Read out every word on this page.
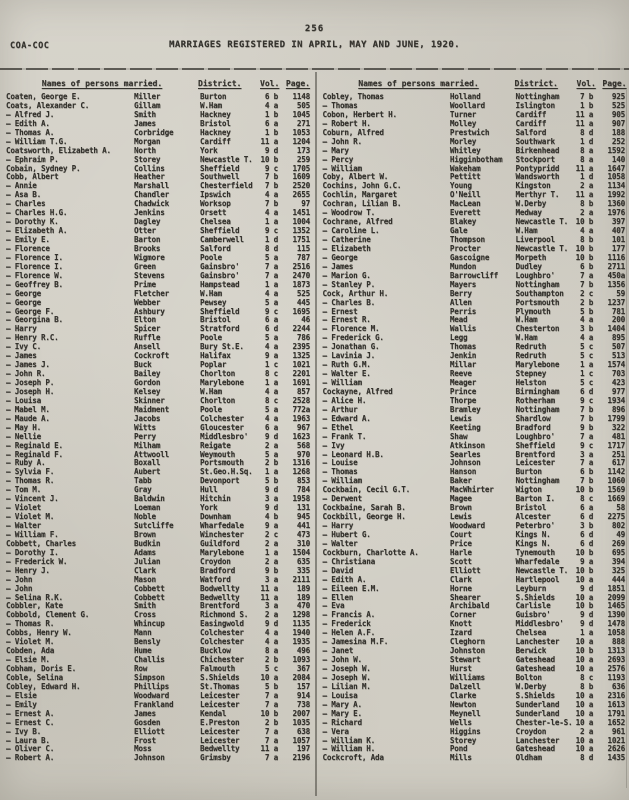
256
COA-COC	MARRIAGES REGISTERED IN APRIL, MAY AND JUNE, 1920.
Names of persons married.	District.	Vol. Page.
Coaten, George E.	Miller	Burton	6 b	1148
Coats, Alexander C.	Gillam	W.Ham	4 a	505
— Alfred J.	Smith	Hackney	1 b	1045
— Edith A.	James	Bristol	6 a	271
— Thomas A.	Corbridge	Hackney	1 b	1053
— William T.G.	Morgan	Cardiff	11 a	1204
Coatsworth, Elizabeth A.	North	York	9 d	173
— Ephraim P.	Storey	Newcastle T.	10 b	259
Cobain, Sydney P.	Collins	Sheffield	9 c	1705
Cobb, Albert	Heather	Southwell	7 b	1609
— Annie	Marshall	Chesterfield	7 b	2520
— Asa B.	Chandler	Ipswich	4 a	2655
— Charles	Chadwick	Worksop	7 b	97
— Charles H.G.	Jenkins	Orsett	4 a	1451
— Dorothy K.	Dagley	Chelsea	1 a	1004
— Elizabeth A.	Otter	Sheffield	9 c	1352
— Emily E.	Barton	Camberwell	1 d	1751
— Florence	Brooks	Salford	8 d	115
— Florence I.	Wigmore	Poole	5 a	787
— Florence I.	Green	Gainsbro'	7 a	2516
— Florence W.	Stevens	Gainsbro'	7 a	2470
— Geoffrey B.	Prime	Hampstead	1 a	1873
— George	Fletcher	W.Ham	4 a	525
— George	Webber	Pewsey	5 a	445
— George F.	Ashbury	Sheffield	9 c	1695
— Georgina B.	Elton	Bristol	6 a	46
— Harry	Spicer	Stratford	6 d	2244
— Henry R.C.	Ruffle	Poole	5 a	786
— Ivy C.	Ansell	Bury St.E.	4 a	2395
— James	Cockroft	Halifax	9 a	1325
— James J.	Buck	Poplar	1 c	1021
— John R.	Bailey	Chorlton	8 c	2201
— Joseph P.	Gordon	Marylebone	1 a	1691
— Joseph H.	Kelsey	W.Ham	4 a	857
— Louisa	Skinner	Chorlton	8 c	2528
— Mabel M.	Maidment	Poole	5 a	772a
— Maude A.	Jacobs	Colchester	4 a	1963
— May H.	Witts	Gloucester	6 a	967
— Nellie	Perry	Middlesbro'	9 d	1623
— Reginald E.	Milham	Reigate	2 a	568
— Reginald F.	Attwooll	Weymouth	5 a	970
— Ruby A.	Boxall	Portsmouth	2 b	1316
— Sylvia F.	Aubert	St.Geo.H.Sq.	1 a	1268
— Thomas R.	Tabb	Devonport	5 b	853
— Tom M.	Gray	Hull	9 d	784
— Vincent J.	Baldwin	Hitchin	3 a	1958
— Violet	Loeman	York	9 d	131
— Violet M.	Noble	Downham	4 b	945
— Walter	Sutcliffe	Wharfedale	9 a	441
— William F.	Brown	Winchester	2 c	473
Cobbett, Charles	Budkin	Guildford	2 a	310
— Dorothy I.	Adams	Marylebone	1 a	1504
— Frederick W.	Julian	Croydon	2 a	635
— Henry J.	Clark	Bradford	9 b	335
— John	Mason	Watford	3 a	2111
— John	Cobbett	Bodwellty	11 a	189
— Selina R.K.	Cobbett	Bedwellty	11 a	189
Cobbler, Kate	Smith	Brentford	3 a	470
Cobbold, Clement G.	Cross	Richmond S.	2 a	1298
— Thomas R.	Whincup	Easingwold	9 d	1135
Cobbs, Henry W.	Mann	Colchester	4 a	1940
— Violet M.	Bensly	Colchester	4 a	1935
Cobden, Ada	Hume	Bucklow	8 a	496
— Elsie M.	Challis	Chichester	2 b	1093
Cobham, Doris E.	Row	Falmouth	5 c	367
Coble, Selina	Simpson	S.Shields	10 a	2084
Cobley, Edward H.	Phillips	St.Thomas	5 b	157
— Elsie	Woodward	Leicester	7 a	914
— Emily	Frankland	Leicester	7 a	738
— Ernest A.	James	Kendal	10 b	2007
— Ernest C.	Gosden	E.Preston	2 b	1035
— Ivy B.	Elliott	Leicester	7 a	638
— Laura B.	Frost	Leicester	7 a	1057
— Oliver C.	Moss	Bedwellty	11 a	197
— Robert A.	Johnson	Grimsby	7 a	2196
Names of persons married.	District.	Vol. Page.
Cobley, Thomas	Holland	Nottingham	7 b	925
— Thomas	Woollard	Islington	1 b	525
Cobon, Herbert H.	Turner	Cardiff	11 a	905
— Robert H.	Molley	Cardiff	11 a	907
Coburn, Alfred	Prestwich	Salford	8 d	188
— John R.	Morley	Southwark	1 d	252
— Mary	Whitley	Birkenhead	8 a	1592
— Percy	Higginbotham	Stockport	8 a	140
— William	Wakeham	Pontypridd	11 a	1647
Coby, Albert W.	Pettitt	Wandsworth	1 d	1058
Cochins, John G.C.	Young	Kingston	2 a	1134
Cochlin, Margaret	O'Neill	Merthyr T.	11 a	1992
Cochran, Lilian B.	MacLean	W.Derby	8 b	1360
— Woodrow T.	Everett	Medway	2 a	1976
Cochrane, Alfred	Blakey	Newcastle T.	10 b	397
— Caroline L.	Gale	W.Ham	4 a	407
— Catherine	Thompson	Liverpool	8 b	101
— Elizabeth	Procter	Newcastle T.	10 b	177
— George	Gascoigne	Morpeth	10 b	1116
— James	Mundon	Dudley	6 b	2711
— Marion G.	Barrowcliff	Loughbro'	7 a	450a
— Stanley P.	Mayers	Nottingham	7 b	1356
Cock, Arthur H.	Berry	Southampton	2 c	59
— Charles B.	Allen	Portsmouth	2 b	1237
— Ernest	Perris	Plymouth	5 b	781
— Ernest R.	Mead	W.Ham	4 a	200
— Florence M.	Wallis	Chesterton	3 b	1404
— Frederick G.	Legg	W.Ham	4 a	895
— Jonathan G.	Thomas	Redruth	5 c	507
— Lavinia J.	Jenkin	Redruth	5 c	513
— Ruth G.M.	Millar	Marylebone	1 a	1574
— Walter E.	Reeve	Stepney	1 c	703
— William	Meager	Helston	5 c	423
Cockayne, Alfred	Prince	Birmingham	6 d	977
— Alice H.	Thorpe	Rotherham	9 c	1934
— Arthur	Bramley	Nottingham	7 b	896
— Edward A.	Lewis	Shardlow	7 b	1799
— Ethel	Keeting	Bradford	9 b	322
— Frank T.	Shaw	Loughbro'	7 a	481
— Ivy	Atkinson	Sheffield	9 c	1717
— Leonard H.B.	Searles	Brentford	3 a	251
— Louise	Johnson	Leicester	7 a	617
— Thomas	Hanson	Burton	6 b	1142
— William	Baker	Nottingham	7 b	1060
Cockbain, Cecil G.T.	MacWhirter	Wigton	10 b	1569
— Derwent	Magee	Barton I.	8 c	1669
Cockbaine, Sarah B.	Brown	Bristol	6 a	58
Cockbill, George H.	Lewis	Alcester	6 d	2275
— Harry	Woodward	Peterbro'	3 b	802
— Hubert G.	Court	Kings N.	6 d	49
— Walter	Price	Kings N.	6 d	269
Cockburn, Charlotte A.	Harle	Tynemouth	10 b	695
— Christiana	Scott	Wharfedale	9 a	394
— David	Elliott	Newcastle T.	10 b	325
— Edith A.	Clark	Hartlepool	10 a	444
— Eileen E.M.	Horne	Leyburn	9 d	1851
— Ellen	Shearer	S.Shields	10 a	2099
— Eva	Archibald	Carlisle	10 b	1465
— Francis A.	Corner	Guisbro'	9 d	1390
— Frederick	Knott	Middlesbro'	9 d	1478
— Helen A.F.	Izard	Chelsea	1 a	1058
— Jamesina M.F.	Cleghorn	Lanchester	10 a	888
— Janet	Johnston	Berwick	10 b	1313
— John W.	Stewart	Gateshead	10 a	2693
— Joseph W.	Hurst	Gateshead	10 a	2576
— Joseph W.	Williams	Bolton	8 c	1193
— Lilian M.	Dalzell	W.Derby	8 b	636
— Louisa	Clarke	S.Shields	10 a	2316
— Mary A.	Newton	Sunderland	10 a	1613
— Mary E.	Meynell	Sunderland	10 a	1791
— Richard	Wells	Chester-le-S. 10 a	1652
— Vera	Higgins	Croydon	2 a	961
— William K.	Storey	Lanchester	10 a	1021
— William H.	Pond	Gateshead	10 a	2626
Cockcroft, Ada	Mills	Oldham	8 d	1435
